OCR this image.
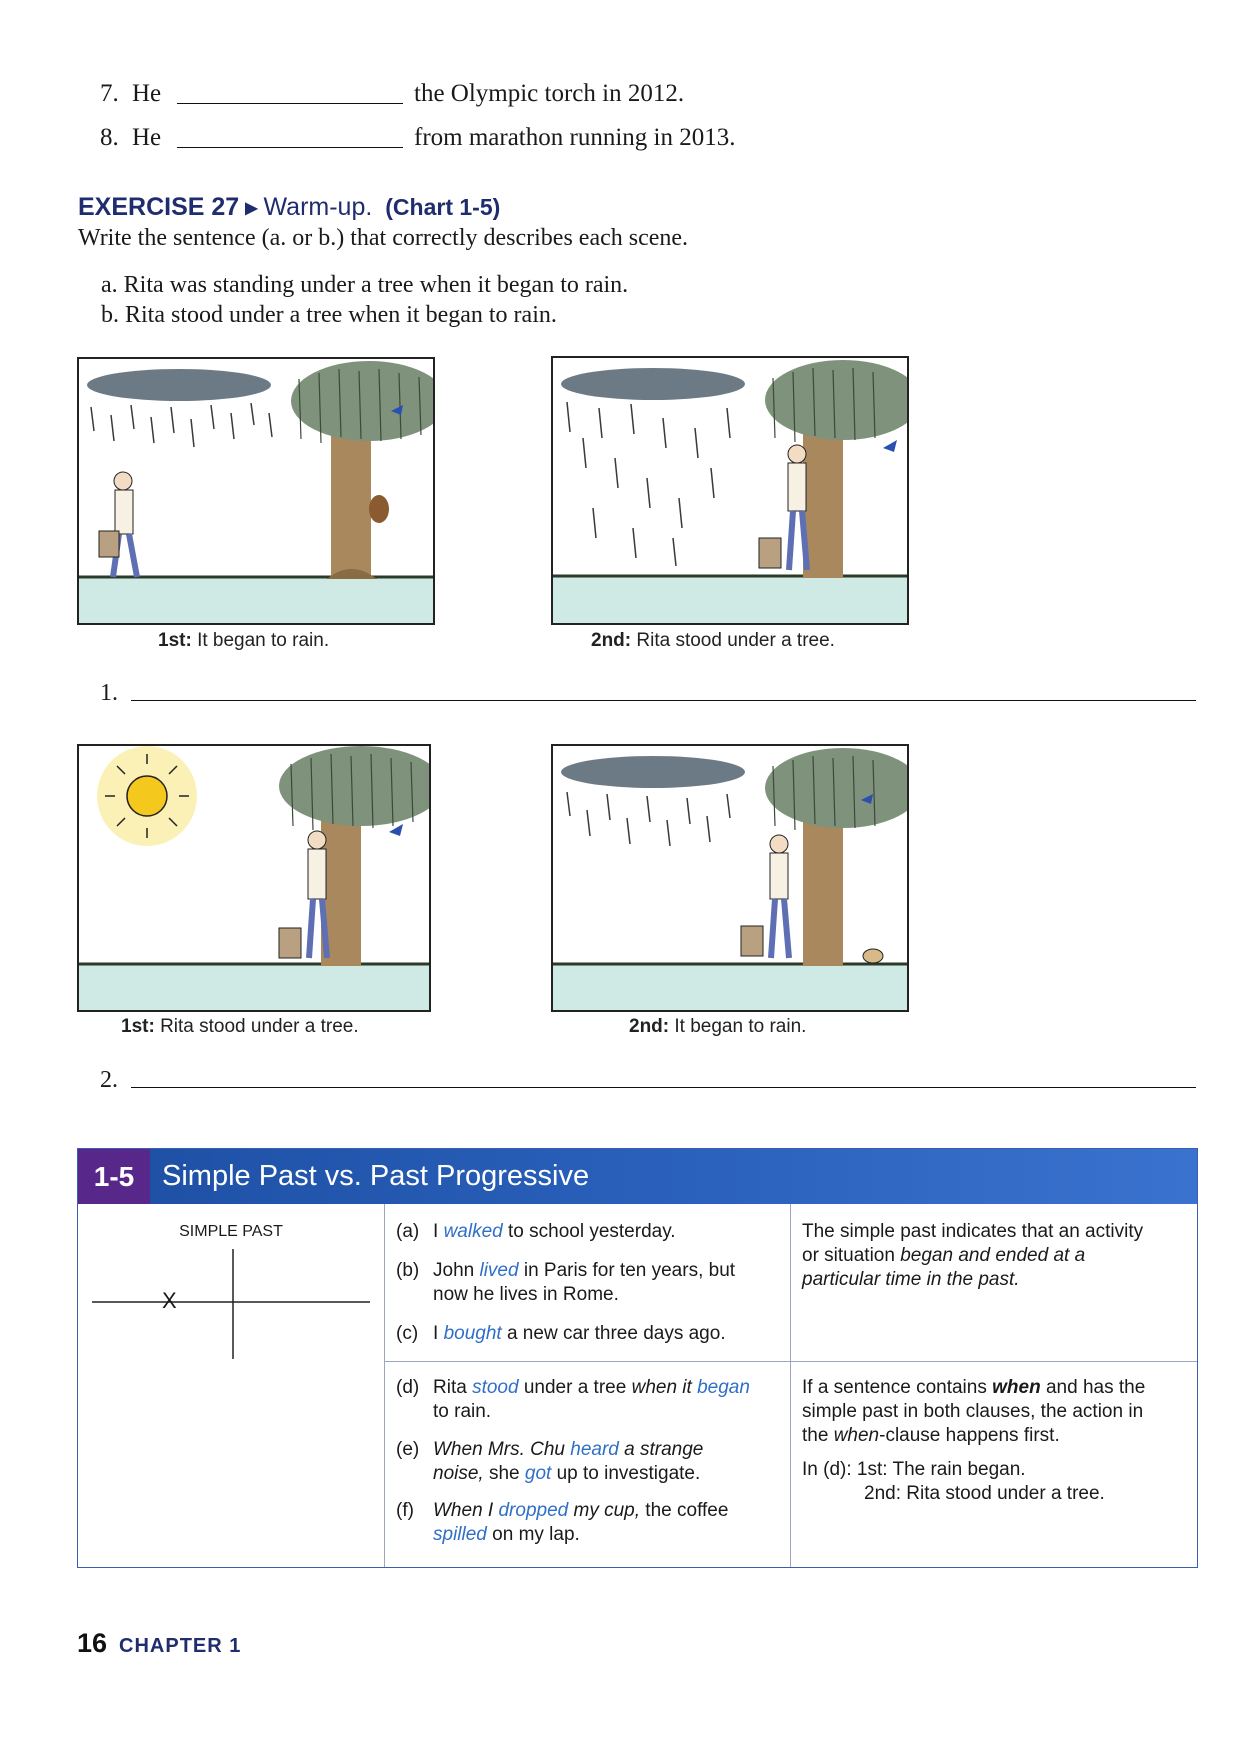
7. He	the Olympic torch in 2012.
8. He	from marathon running in 2013.
EXERCISE 27 ▶ Warm-up. (Chart 1-5)
Write the sentence (a. or b.) that correctly describes each scene.
a. Rita was standing under a tree when it began to rain.
b. Rita stood under a tree when it began to rain.
1st: It began to rain.	2nd: Rita stood under a tree.
1.
1st: Rita stood under a tree.	2nd: It began to rain.
2.
1-5 Simple Past vs. Past Progressive
SIMPLE PAST
X
(a) I walked to school yesterday.
(b) John lived in Paris for ten years, but
now he lives in Rome.
(c) I bought a new car three days ago.
The simple past indicates that an activity
or situation began and ended at a
particular time in the past.
(d) Rita stood under a tree when it began
to rain.
(e) When Mrs. Chu heard a strange
noise, she got up to investigate.
(f)	When I dropped my cup, the coffee
spilled on my lap.
If a sentence contains when and has the
simple past in both clauses, the action in
the when-clause happens first.
In (d): 1st: The rain began.
2nd: Rita stood under a tree.
16 CHAPTER 1
